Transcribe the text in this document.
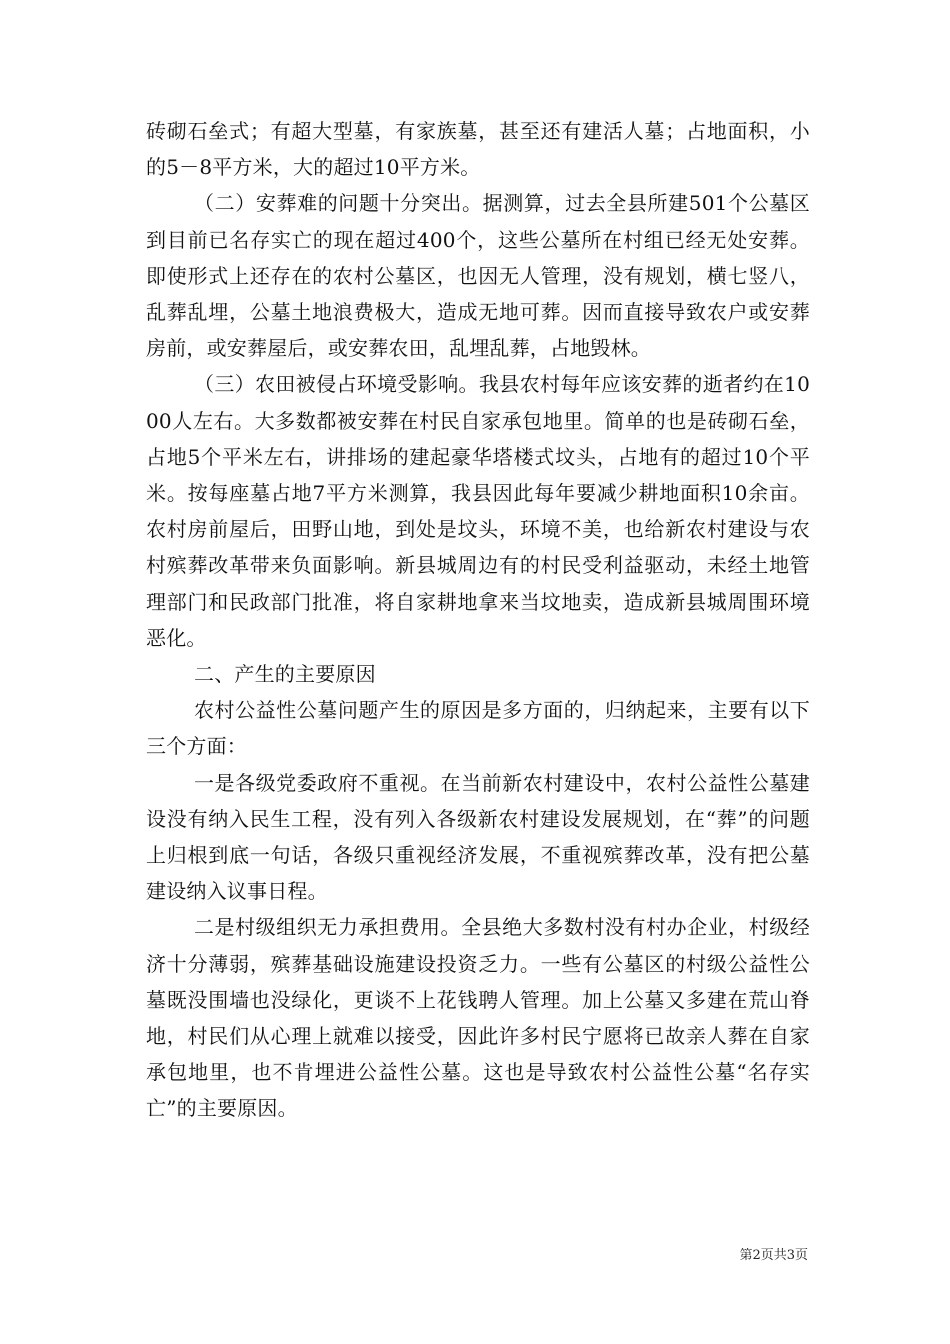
砖砌石垒式；有超大型墓，有家族墓，甚至还有建活人墓；占地面积，小的5－8平方米，大的超过10平方米。

（二）安葬难的问题十分突出。据测算，过去全县所建501个公墓区到目前已名存实亡的现在超过400个，这些公墓所在村组已经无处安葬。即使形式上还存在的农村公墓区，也因无人管理，没有规划，横七竖八，乱葬乱埋，公墓土地浪费极大，造成无地可葬。因而直接导致农户或安葬房前，或安葬屋后，或安葬农田，乱埋乱葬，占地毁林。

（三）农田被侵占环境受影响。我县农村每年应该安葬的逝者约在1000人左右。大多数都被安葬在村民自家承包地里。简单的也是砖砌石垒，占地5个平米左右，讲排场的建起豪华塔楼式坟头，占地有的超过10个平米。按每座墓占地7平方米测算，我县因此每年要减少耕地面积10余亩。农村房前屋后，田野山地，到处是坟头，环境不美，也给新农村建设与农村殡葬改革带来负面影响。新县城周边有的村民受利益驱动，未经土地管理部门和民政部门批准，将自家耕地拿来当坟地卖，造成新县城周围环境恶化。

二、产生的主要原因

农村公益性公墓问题产生的原因是多方面的，归纳起来，主要有以下三个方面：

一是各级党委政府不重视。在当前新农村建设中，农村公益性公墓建设没有纳入民生工程，没有列入各级新农村建设发展规划，在“葬”的问题上归根到底一句话，各级只重视经济发展，不重视殡葬改革，没有把公墓建设纳入议事日程。

二是村级组织无力承担费用。全县绝大多数村没有村办企业，村级经济十分薄弱，殡葬基础设施建设投资乏力。一些有公墓区的村级公益性公墓既没围墙也没绿化，更谈不上花钱聘人管理。加上公墓又多建在荒山脊地，村民们从心理上就难以接受，因此许多村民宁愿将已故亲人葬在自家承包地里，也不肯埋进公益性公墓。这也是导致农村公益性公墓“名存实亡”的主要原因。

第2页共3页
